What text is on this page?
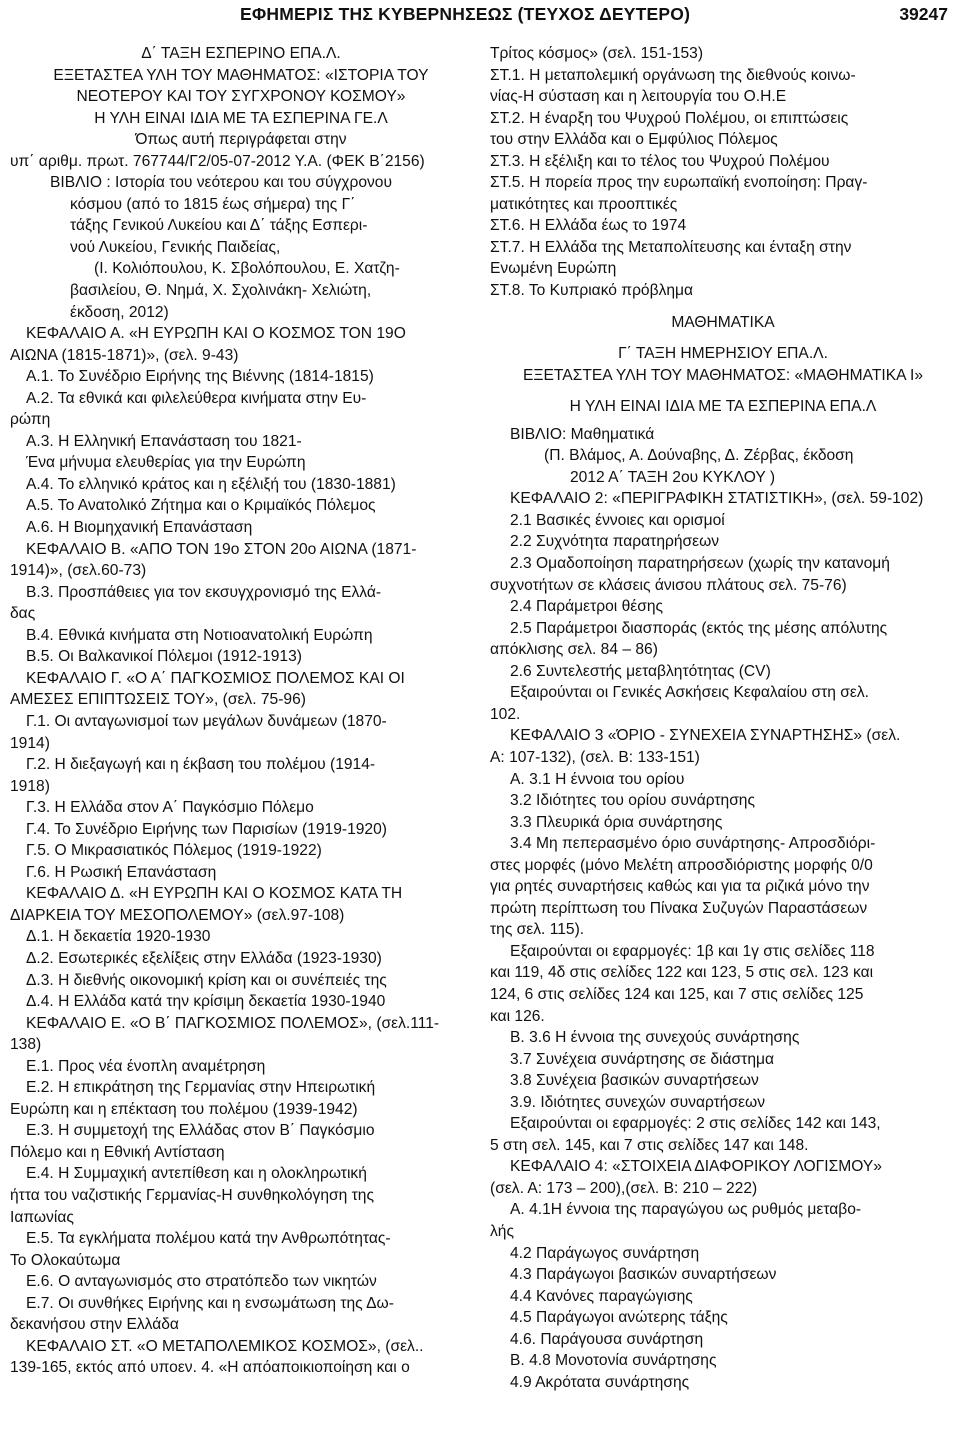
ΕΦΗΜΕΡΙΣ ΤΗΣ ΚΥΒΕΡΝΗΣΕΩΣ (ΤΕΥΧΟΣ ΔΕΥΤΕΡΟ)	39247
Δ΄ ΤΑΞΗ ΕΣΠΕΡΙΝΟ ΕΠΑ.Λ.
ΕΞΕΤΑΣΤΕΑ ΥΛΗ ΤΟΥ ΜΑΘΗΜΑΤΟΣ: «ΙΣΤΟΡΙΑ ΤΟΥ
ΝΕΟΤΕΡΟΥ ΚΑΙ ΤΟΥ ΣΥΓΧΡΟΝΟΥ ΚΟΣΜΟΥ»
Η ΥΛΗ ΕΙΝΑΙ ΙΔΙΑ ΜΕ ΤΑ ΕΣΠΕΡΙΝΑ ΓΕ.Λ
Όπως αυτή περιγράφεται στην
υπ΄ αριθμ. πρωτ. 767744/Γ2/05-07-2012 Υ.Α. (ΦΕΚ Β΄2156)
ΒΙΒΛΙΟ : Ιστορία του νεότερου και του σύγχρονου
κόσμου (από το 1815 έως σήμερα) της Γ΄
τάξης Γενικού Λυκείου και Δ΄ τάξης Εσπερι-
νού Λυκείου, Γενικής Παιδείας,
(Ι. Κολιόπουλου, Κ. Σβολόπουλου, Ε. Χατζη-
βασιλείου, Θ. Νημά, Χ. Σχολινάκη- Χελιώτη,
έκδοση, 2012)
ΚΕΦΑΛΑΙΟ Α. «Η ΕΥΡΩΠΗ ΚΑΙ Ο ΚΟΣΜΟΣ ΤΟΝ 19Ο
ΑΙΩΝΑ (1815-1871)», (σελ. 9-43)
Α.1. Το Συνέδριο Ειρήνης της Βιέννης (1814-1815)
Α.2. Τα εθνικά και φιλελεύθερα κινήματα στην Ευ-
ρώπη
Α.3. Η Ελληνική Επανάσταση του 1821-
Ένα μήνυμα ελευθερίας για την Ευρώπη
Α.4. Το ελληνικό κράτος και η εξέλιξή του (1830-1881)
Α.5. Το Ανατολικό Ζήτημα και ο Κριμαϊκός Πόλεμος
Α.6. Η Βιομηχανική Επανάσταση
ΚΕΦΑΛΑΙΟ Β. «ΑΠΟ ΤΟΝ 19ο ΣΤΟΝ 20ο ΑΙΩΝΑ (1871-
1914)», (σελ.60-73)
Β.3. Προσπάθειες για τον εκσυγχρονισμό της Ελλά-
δας
Β.4. Εθνικά κινήματα στη Νοτιοανατολική Ευρώπη
Β.5. Οι Βαλκανικοί Πόλεμοι (1912-1913)
ΚΕΦΑΛΑΙΟ Γ. «Ο Α΄ ΠΑΓΚΟΣΜΙΟΣ ΠΟΛΕΜΟΣ ΚΑΙ ΟΙ
ΑΜΕΣΕΣ ΕΠΙΠΤΩΣΕΙΣ ΤΟΥ», (σελ. 75-96)
Γ.1. Οι ανταγωνισμοί των μεγάλων δυνάμεων (1870-
1914)
Γ.2. Η διεξαγωγή και η έκβαση του πολέμου (1914-
1918)
Γ.3. Η Ελλάδα στον Α΄ Παγκόσμιο Πόλεμο
Γ.4. Το Συνέδριο Ειρήνης των Παρισίων (1919-1920)
Γ.5. Ο Μικρασιατικός Πόλεμος (1919-1922)
Γ.6. Η Ρωσική Επανάσταση
ΚΕΦΑΛΑΙΟ Δ. «Η ΕΥΡΩΠΗ ΚΑΙ Ο ΚΟΣΜΟΣ ΚΑΤΑ ΤΗ
ΔΙΑΡΚΕΙΑ ΤΟΥ ΜΕΣΟΠΟΛΕΜΟΥ» (σελ.97-108)
Δ.1. Η δεκαετία 1920-1930
Δ.2. Εσωτερικές εξελίξεις στην Ελλάδα (1923-1930)
Δ.3. Η διεθνής οικονομική κρίση και οι συνέπειές της
Δ.4. Η Ελλάδα κατά την κρίσιμη δεκαετία 1930-1940
ΚΕΦΑΛΑΙΟ Ε. «Ο Β΄ ΠΑΓΚΟΣΜΙΟΣ ΠΟΛΕΜΟΣ», (σελ.111-
138)
Ε.1. Προς νέα ένοπλη αναμέτρηση
Ε.2. Η επικράτηση της Γερμανίας στην Ηπειρωτική
Ευρώπη και η επέκταση του πολέμου (1939-1942)
Ε.3. Η συμμετοχή της Ελλάδας στον Β΄ Παγκόσμιο
Πόλεμο και η Εθνική Αντίσταση
Ε.4. Η Συμμαχική αντεπίθεση και η ολοκληρωτική
ήττα του ναζιστικής Γερμανίας-Η συνθηκολόγηση της
Ιαπωνίας
Ε.5. Τα εγκλήματα πολέμου κατά την Ανθρωπότητας-
Το Ολοκαύτωμα
Ε.6. Ο ανταγωνισμός στο στρατόπεδο των νικητών
Ε.7. Οι συνθήκες Ειρήνης και η ενσωμάτωση της Δω-
δεκανήσου στην Ελλάδα
ΚΕΦΑΛΑΙΟ ΣΤ. «Ο ΜΕΤΑΠΟΛΕΜΙΚΟΣ ΚΟΣΜΟΣ», (σελ..
139-165, εκτός από υποεν. 4. «Η απόαποικιοποίηση και ο
Τρίτος κόσμος» (σελ. 151-153)
ΣΤ.1. Η μεταπολεμική οργάνωση της διεθνούς κοινω-
νίας-Η σύσταση και η λειτουργία του Ο.Η.Ε
ΣΤ.2. Η έναρξη του Ψυχρού Πολέμου, οι επιπτώσεις
του στην Ελλάδα και ο Εμφύλιος Πόλεμος
ΣΤ.3. Η εξέλιξη και το τέλος του Ψυχρού Πολέμου
ΣΤ.5. Η πορεία προς την ευρωπαϊκή ενοποίηση: Πραγ-
ματικότητες και προοπτικές
ΣΤ.6. Η Ελλάδα έως το 1974
ΣΤ.7. Η Ελλάδα της Μεταπολίτευσης και ένταξη στην
Ενωμένη Ευρώπη
ΣΤ.8. Το Κυπριακό πρόβλημα
ΜΑΘΗΜΑΤΙΚΑ
Γ΄ ΤΑΞΗ ΗΜΕΡΗΣΙΟΥ ΕΠΑ.Λ.
ΕΞΕΤΑΣΤΕΑ ΥΛΗ ΤΟΥ ΜΑΘΗΜΑΤΟΣ: «ΜΑΘΗΜΑΤΙΚΑ Ι»
Η ΥΛΗ ΕΙΝΑΙ ΙΔΙΑ ΜΕ ΤΑ ΕΣΠΕΡΙΝΑ ΕΠΑ.Λ
ΒΙΒΛΙΟ: Μαθηματικά
(Π. Βλάμος, Α. Δούναβης, Δ. Ζέρβας, έκδοση
2012 Α΄ ΤΑΞΗ 2ου ΚΥΚΛΟΥ )
ΚΕΦΑΛΑΙΟ 2: «ΠΕΡΙΓΡΑΦΙΚΗ ΣΤΑΤΙΣΤΙΚΗ», (σελ. 59-102)
2.1 Βασικές έννοιες και ορισμοί
2.2 Συχνότητα παρατηρήσεων
2.3 Ομαδοποίηση παρατηρήσεων (χωρίς την κατανομή
συχνοτήτων σε κλάσεις άνισου πλάτους σελ. 75-76)
2.4 Παράμετροι θέσης
2.5 Παράμετροι διασποράς (εκτός της μέσης απόλυτης
απόκλισης σελ. 84 – 86)
2.6 Συντελεστής μεταβλητότητας (CV)
Εξαιρούνται οι Γενικές Ασκήσεις Κεφαλαίου στη σελ.
102.
ΚΕΦΑΛΑΙΟ 3 «ΌΡΙΟ - ΣΥΝΕΧΕΙΑ ΣΥΝΑΡΤΗΣΗΣ» (σελ.
Α: 107-132), (σελ. Β: 133-151)
Α. 3.1 Η έννοια του ορίου
3.2 Ιδιότητες του ορίου συνάρτησης
3.3 Πλευρικά όρια συνάρτησης
3.4 Μη πεπερασμένο όριο συνάρτησης- Απροσδιόρι-
στες μορφές (μόνο Μελέτη απροσδιόριστης μορφής 0/0
για ρητές συναρτήσεις καθώς και για τα ριζικά μόνο την
πρώτη περίπτωση του Πίνακα Συζυγών Παραστάσεων
της σελ. 115).
Εξαιρούνται οι εφαρμογές: 1β και 1γ στις σελίδες 118
και 119, 4δ στις σελίδες 122 και 123, 5 στις σελ. 123 και
124, 6 στις σελίδες 124 και 125, και 7 στις σελίδες 125
και 126.
Β. 3.6 Η έννοια της συνεχούς συνάρτησης
3.7 Συνέχεια συνάρτησης σε διάστημα
3.8 Συνέχεια βασικών συναρτήσεων
3.9. Ιδιότητες συνεχών συναρτήσεων
Εξαιρούνται οι εφαρμογές: 2 στις σελίδες 142 και 143,
5 στη σελ. 145, και 7 στις σελίδες 147 και 148.
ΚΕΦΑΛΑΙΟ 4: «ΣΤΟΙΧΕΙΑ ΔΙΑΦΟΡΙΚΟΥ ΛΟΓΙΣΜΟΥ»
(σελ. Α: 173 – 200),(σελ. Β: 210 – 222)
Α. 4.1Η έννοια της παραγώγου ως ρυθμός μεταβο-
λής
4.2 Παράγωγος συνάρτηση
4.3 Παράγωγοι βασικών συναρτήσεων
4.4 Κανόνες παραγώγισης
4.5 Παράγωγοι ανώτερης τάξης
4.6. Παράγουσα συνάρτηση
Β. 4.8 Μονοτονία συνάρτησης
4.9 Ακρότατα συνάρτησης
